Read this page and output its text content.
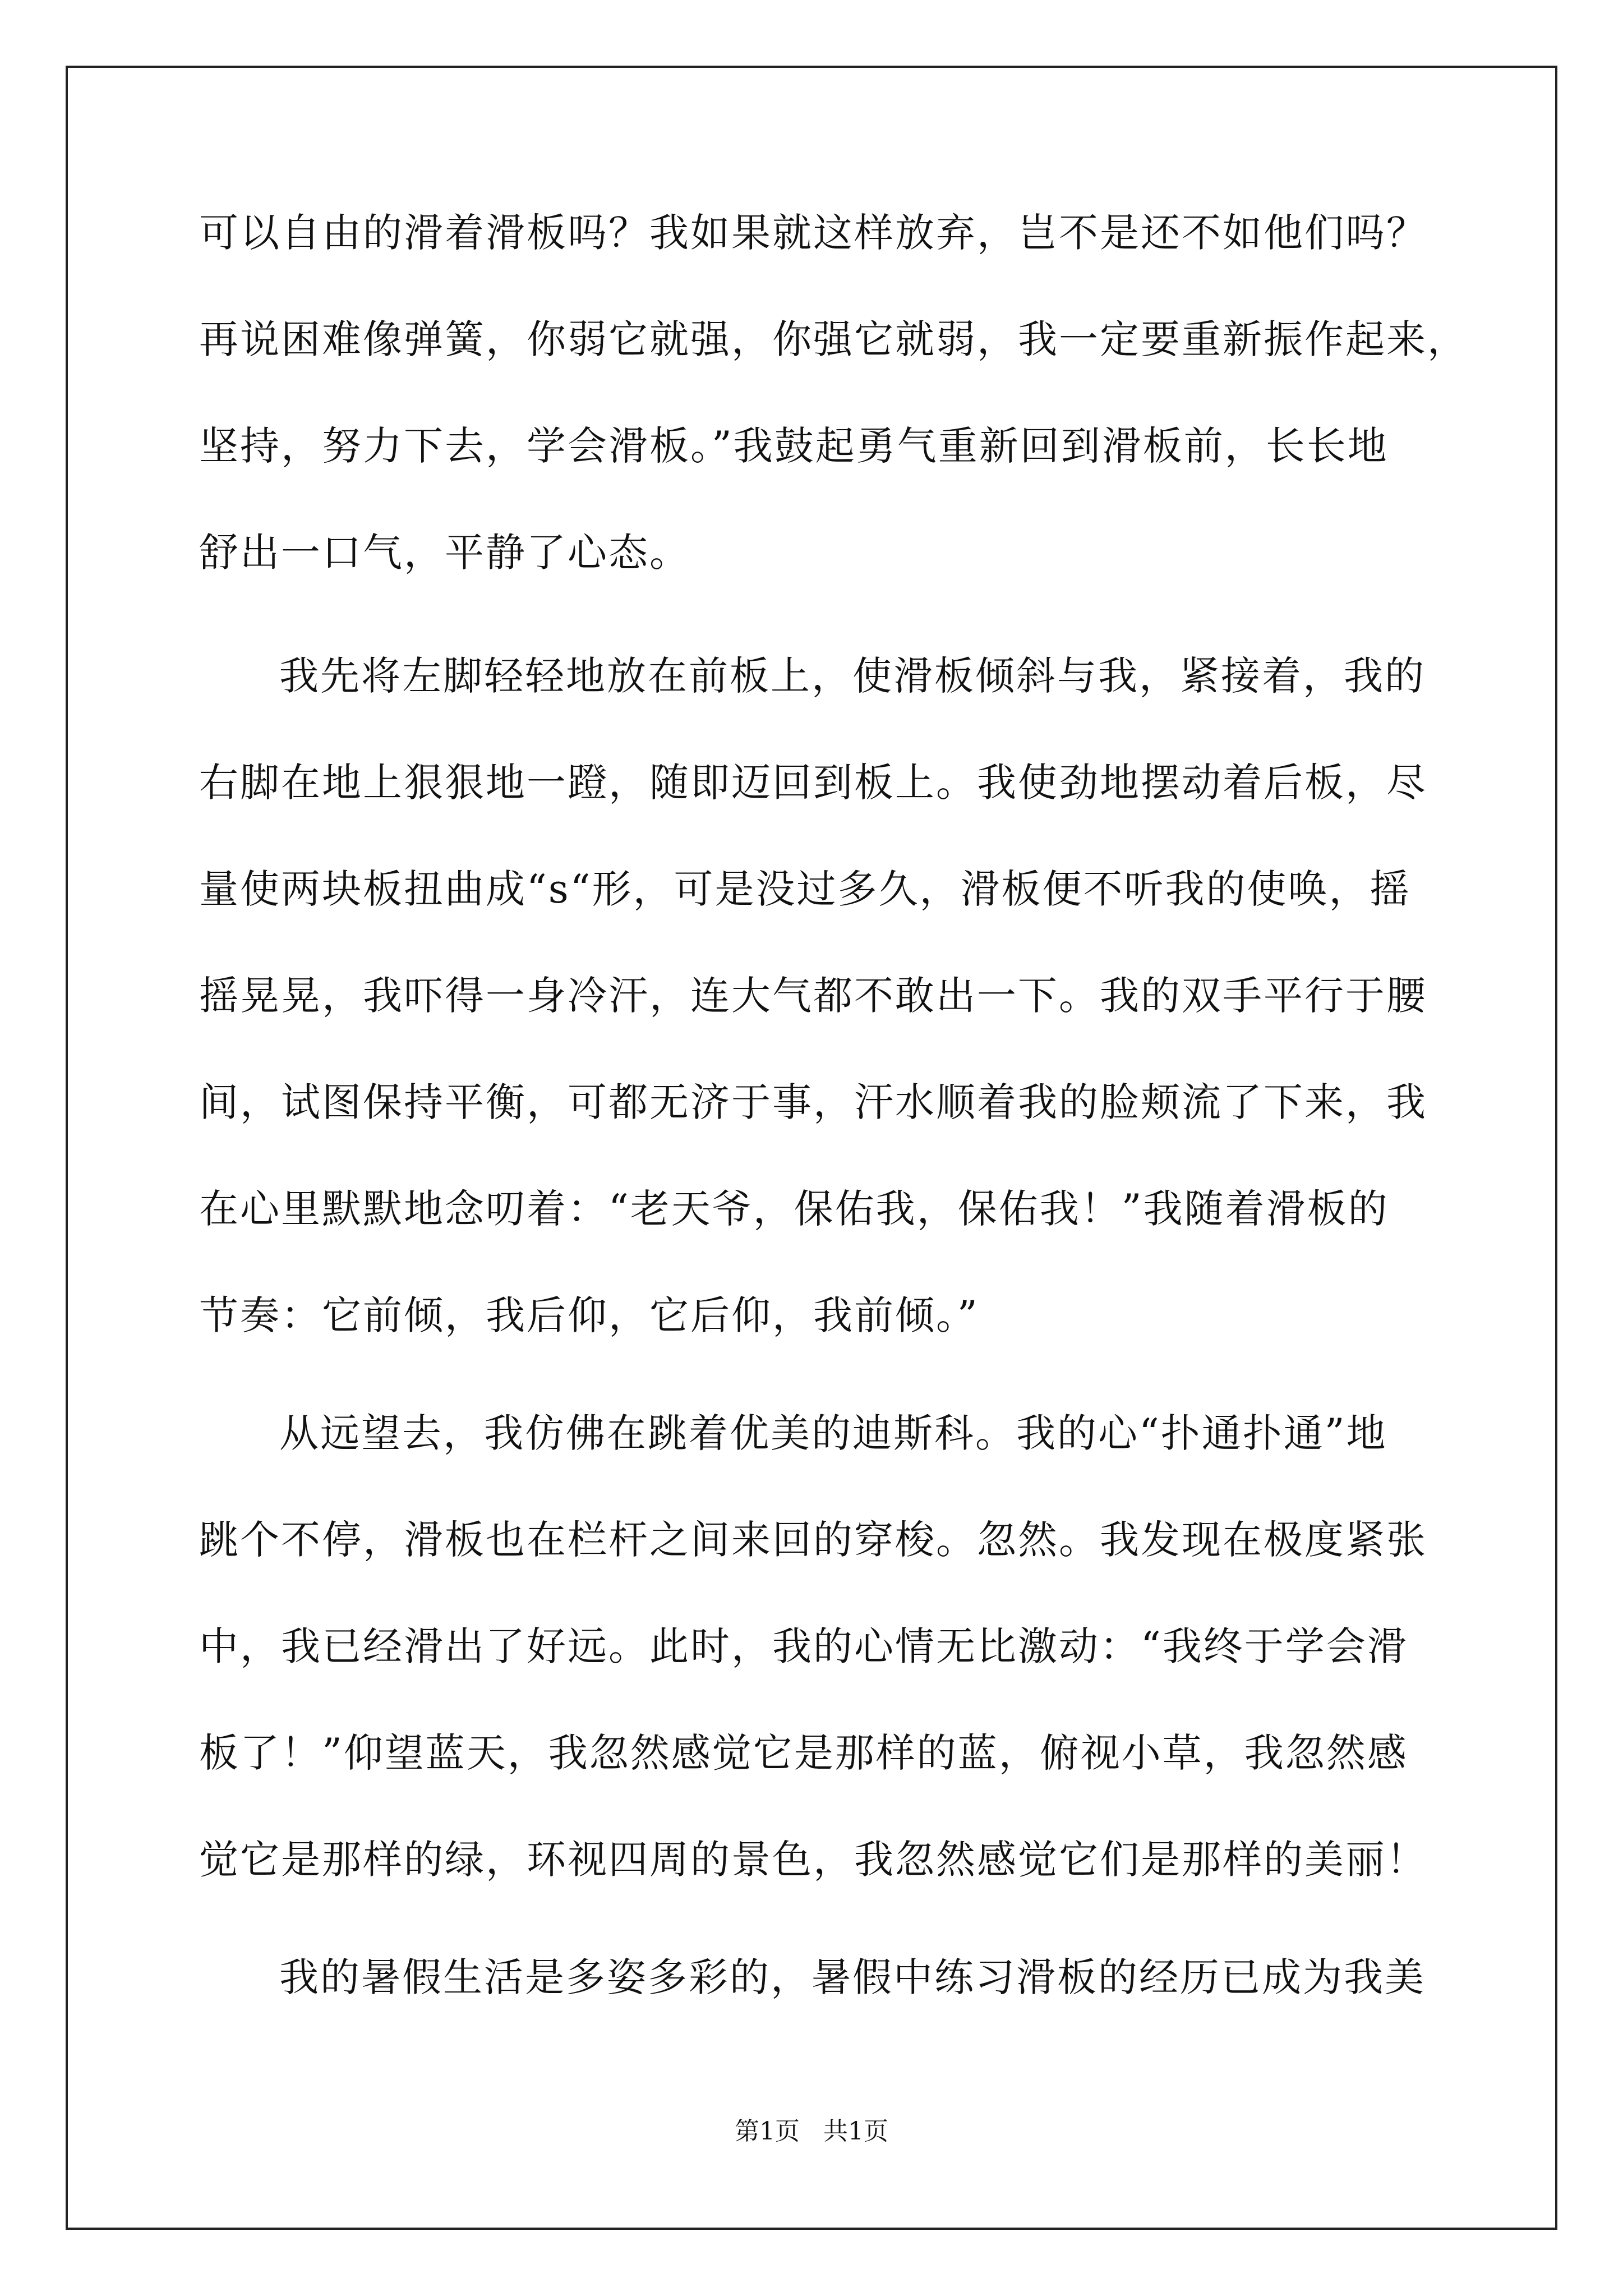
可以自由的滑着滑板吗？我如果就这样放弃，岂不是还不如他们吗？
再说困难像弹簧，你弱它就强，你强它就弱，我一定要重新振作起来，
坚持，努力下去，学会滑板。”我鼓起勇气重新回到滑板前，长长地
舒出一口气，平静了心态。
我先将左脚轻轻地放在前板上，使滑板倾斜与我，紧接着，我的
右脚在地上狠狠地一蹬，随即迈回到板上。我使劲地摆动着后板，尽
量使两块板扭曲成“s“形，可是没过多久，滑板便不听我的使唤，摇
摇晃晃，我吓得一身冷汗，连大气都不敢出一下。我的双手平行于腰
间，试图保持平衡，可都无济于事，汗水顺着我的脸颊流了下来，我
在心里默默地念叨着：“老天爷，保佑我，保佑我！”我随着滑板的
节奏：它前倾，我后仰，它后仰，我前倾。”
从远望去，我仿佛在跳着优美的迪斯科。我的心“扑通扑通”地
跳个不停，滑板也在栏杆之间来回的穿梭。忽然。我发现在极度紧张
中，我已经滑出了好远。此时，我的心情无比激动：“我终于学会滑
板了！”仰望蓝天，我忽然感觉它是那样的蓝，俯视小草，我忽然感
觉它是那样的绿，环视四周的景色，我忽然感觉它们是那样的美丽！
我的暑假生活是多姿多彩的，暑假中练习滑板的经历已成为我美
第1页   共1页
